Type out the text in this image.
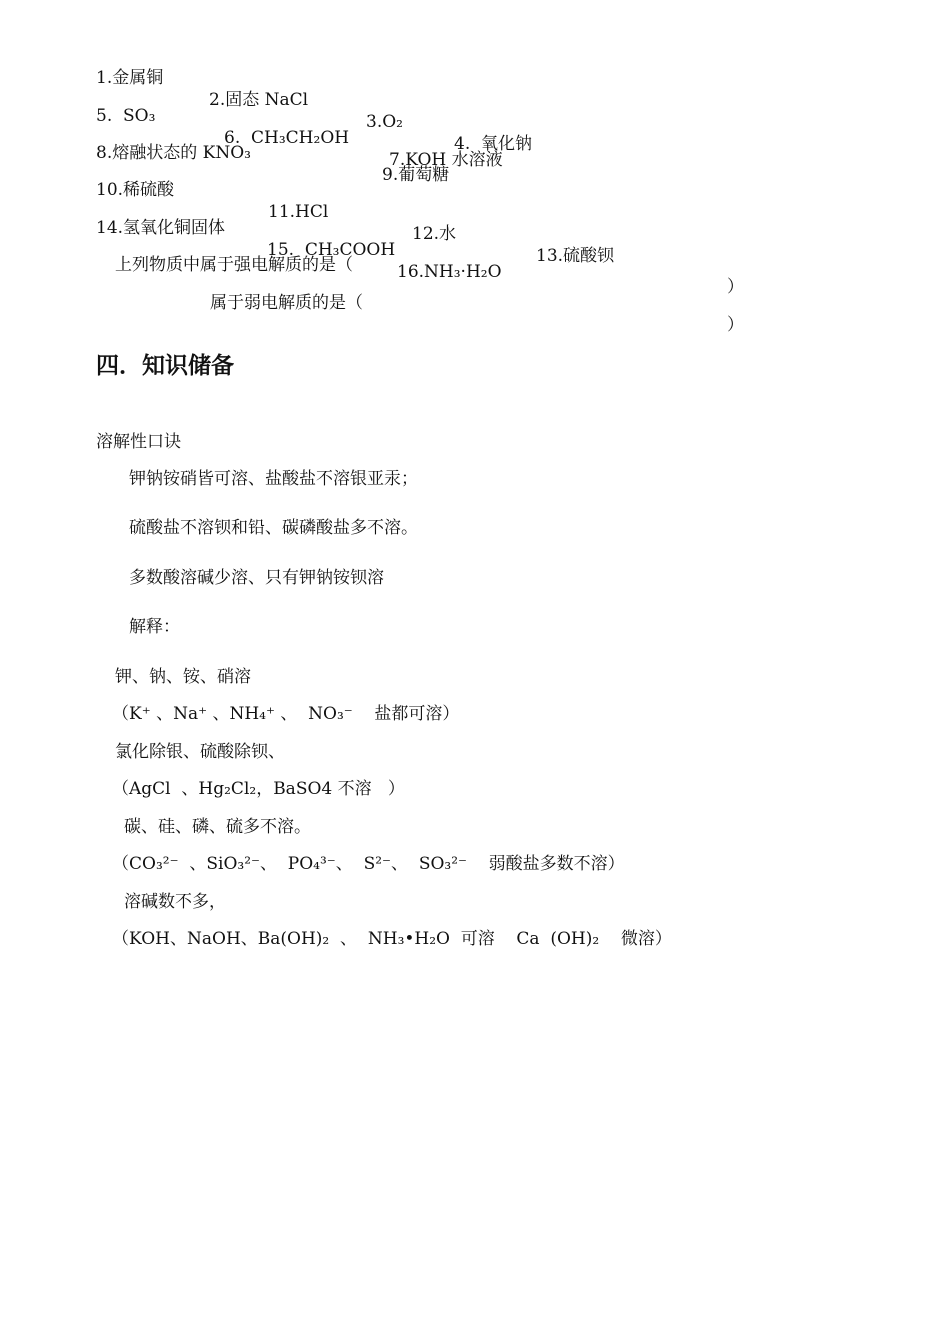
1.金属铜

2.固态 NaCl

3.O₂

4.  氧化钠

5.  SO₃

6.  CH₃CH₂OH

7.KOH 水溶液

8.熔融状态的 KNO₃

9.葡萄糖

10.稀硫酸

11.HCl

12.水

13.硫酸钡

14.氢氧化铜固体

15.  CH₃COOH

16.NH₃·H₂O

上列物质中属于强电解质的是（

）

属于弱电解质的是（

）

四．知识储备

溶解性口诀

钾钠铵硝皆可溶、盐酸盐不溶银亚汞；

硫酸盐不溶钡和铅、碳磷酸盐多不溶。

多数酸溶碱少溶、只有钾钠铵钡溶

解释：

钾、钠、铵、硝溶

（K⁺ 、Na⁺ 、NH₄⁺ 、  NO₃⁻    盐都可溶）

氯化除银、硫酸除钡、

（AgCl  、Hg₂Cl₂，BaSO4 不溶   ）

碳、硅、磷、硫多不溶。

（CO₃²⁻  、SiO₃²⁻、  PO₄³⁻、  S²⁻、  SO₃²⁻    弱酸盐多数不溶）

溶碱数不多，

（KOH、NaOH、Ba(OH)₂  、  NH₃•H₂O  可溶    Ca  (OH)₂    微溶）
